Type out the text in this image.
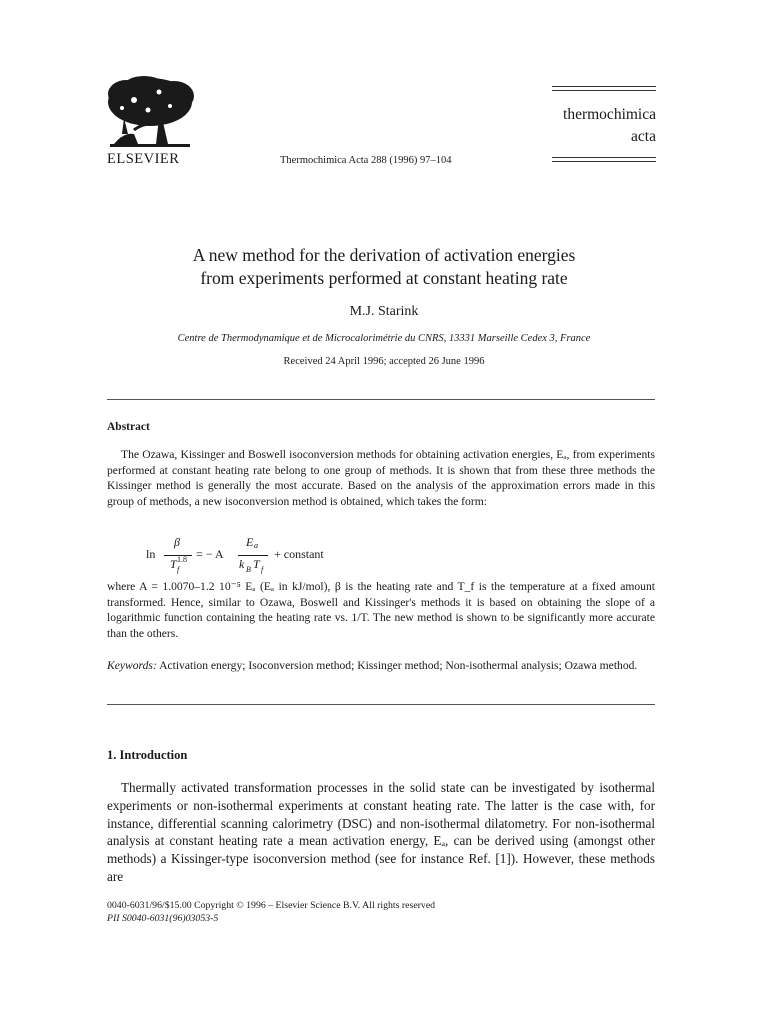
ELSEVIER	Thermochimica Acta 288 (1996) 97–104
thermochimica
acta
A new method for the derivation of activation energies
from experiments performed at constant heating rate
M.J. Starink
Centre de Thermodynamique et de Microcalorimétrie du CNRS, 13331 Marseille Cedex 3, France
Received 24 April 1996; accepted 26 June 1996
Abstract

The Ozawa, Kissinger and Boswell isoconversion methods for obtaining activation energies, Eₐ, from experiments performed at constant heating rate belong to one group of methods. It is shown that from these three methods the Kissinger method is generally the most accurate. Based on the analysis of the approximation errors made in this group of methods, a new isoconversion method is obtained, which takes the form:

ln
β
T 1.8
f
= − A
E a
k B T f
+ constant

where A = 1.0070–1.2 10⁻⁵ Eₐ (Eₐ in kJ/mol), β is the heating rate and T_f is the temperature at a fixed amount transformed. Hence, similar to Ozawa, Boswell and Kissinger's methods it is based on obtaining the slope of a logarithmic function containing the heating rate vs. 1/T. The new method is shown to be significantly more accurate than the others.

Keywords: Activation energy; Isoconversion method; Kissinger method; Non-isothermal analysis; Ozawa method.

1. Introduction

Thermally activated transformation processes in the solid state can be investigated by isothermal experiments or non-isothermal experiments at constant heating rate. The latter is the case with, for instance, differential scanning calorimetry (DSC) and non-isothermal dilatometry. For non-isothermal analysis at constant heating rate a mean activation energy, Eₐ, can be derived using (amongst other methods) a Kissinger-type isoconversion method (see for instance Ref. [1]). However, these methods are

0040-6031/96/$15.00 Copyright © 1996 – Elsevier Science B.V. All rights reserved
PII S0040-6031(96)03053-5
